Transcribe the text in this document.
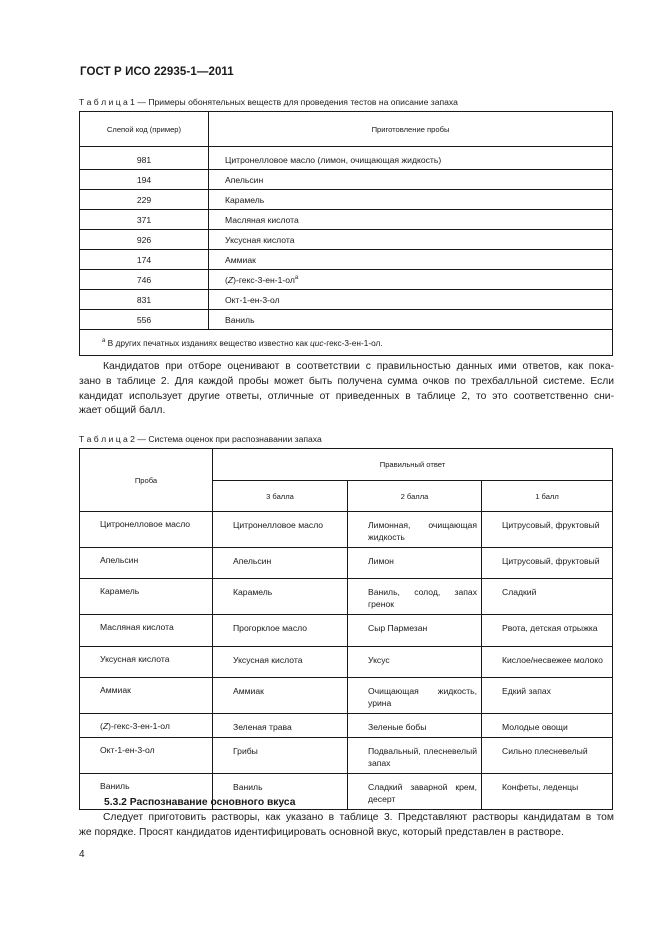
ГОСТ Р ИСО 22935-1—2011
Т а б л и ц а 1 — Примеры обонятельных веществ для проведения тестов на описание запаха
Слепой код (пример)	Приготовление пробы
981	Цитронелловое масло (лимон, очищающая жидкость)
194	Апельсин
229	Карамель
371	Масляная кислота
926	Уксусная кислота
174	Аммиак
746	$(Z)-гекс-3-ен-1-ол^a$
831	Окт-1-ен-3-ол
556	Ваниль
$^a$ В других печатных изданиях вещество известно как цис-гекс-3-ен-1-ол.	
Кандидатов при отборе оценивают в соответствии с правильностью данных ими ответов, как пока-
зано в таблице 2. Для каждой пробы может быть получена сумма очков по трехбалльной системе. Если
кандидат использует другие ответы, отличные от приведенных в таблице 2, то это соответственно сни-
жает общий балл.
Т а б л и ц а 2 — Система оценок при распознавании запаха
Проба	Правильный ответ		
	3 балла	2 балла	1 балл
Цитронелловое масло	Цитронелловое масло	Лимонная, очищающая жидкость	Цитрусовый, фруктовый
Апельсин	Апельсин	Лимон	Цитрусовый, фруктовый
Карамель	Карамель	Ваниль, солод, запах гренок	Сладкий
Масляная кислота	Прогорклое масло	Сыр Пармезан	Рвота, детская отрыжка
Уксусная кислота	Уксусная кислота	Уксус	Кислое/несвежее молоко
Аммиак	Аммиак	Очищающая жидкость, урина	Едкий запах
(Z)-гекс-3-ен-1-ол	Зеленая трава	Зеленые бобы	Молодые овощи
Окт-1-ен-3-ол	Грибы	Подвальный, плесневелый запах	Сильно плесневелый
Ваниль	Ваниль	Сладкий заварной крем, десерт	Конфеты, леденцы
5.3.2 Распознавание основного вкуса
Следует приготовить растворы, как указано в таблице 3. Представляют растворы кандидатам в том
же порядке. Просят кандидатов идентифицировать основной вкус, который представлен в растворе.
4
